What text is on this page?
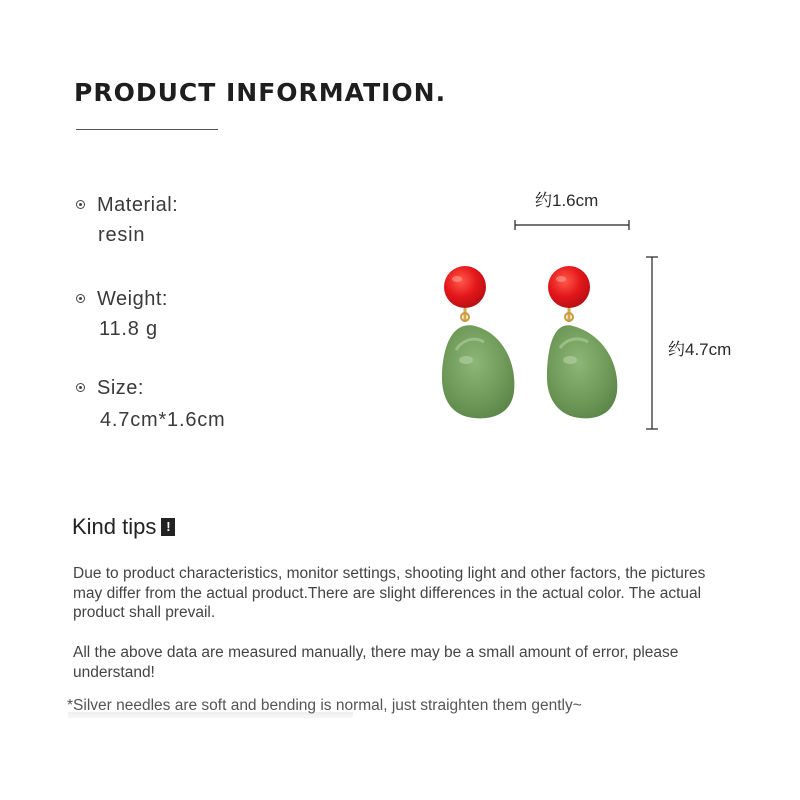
PRODUCT INFORMATION.
Material:
resin
Weight:
11.8 g
Size:
4.7cm*1.6cm
约1.6cm
约4.7cm
Kind tips !
Due to product characteristics, monitor settings, shooting light and other factors, the pictures may differ from the actual product.There are slight differences in the actual color. The actual product shall prevail.
All the above data are measured manually, there may be a small amount of error, please understand!
*Silver needles are soft and bending is normal, just straighten them gently~
